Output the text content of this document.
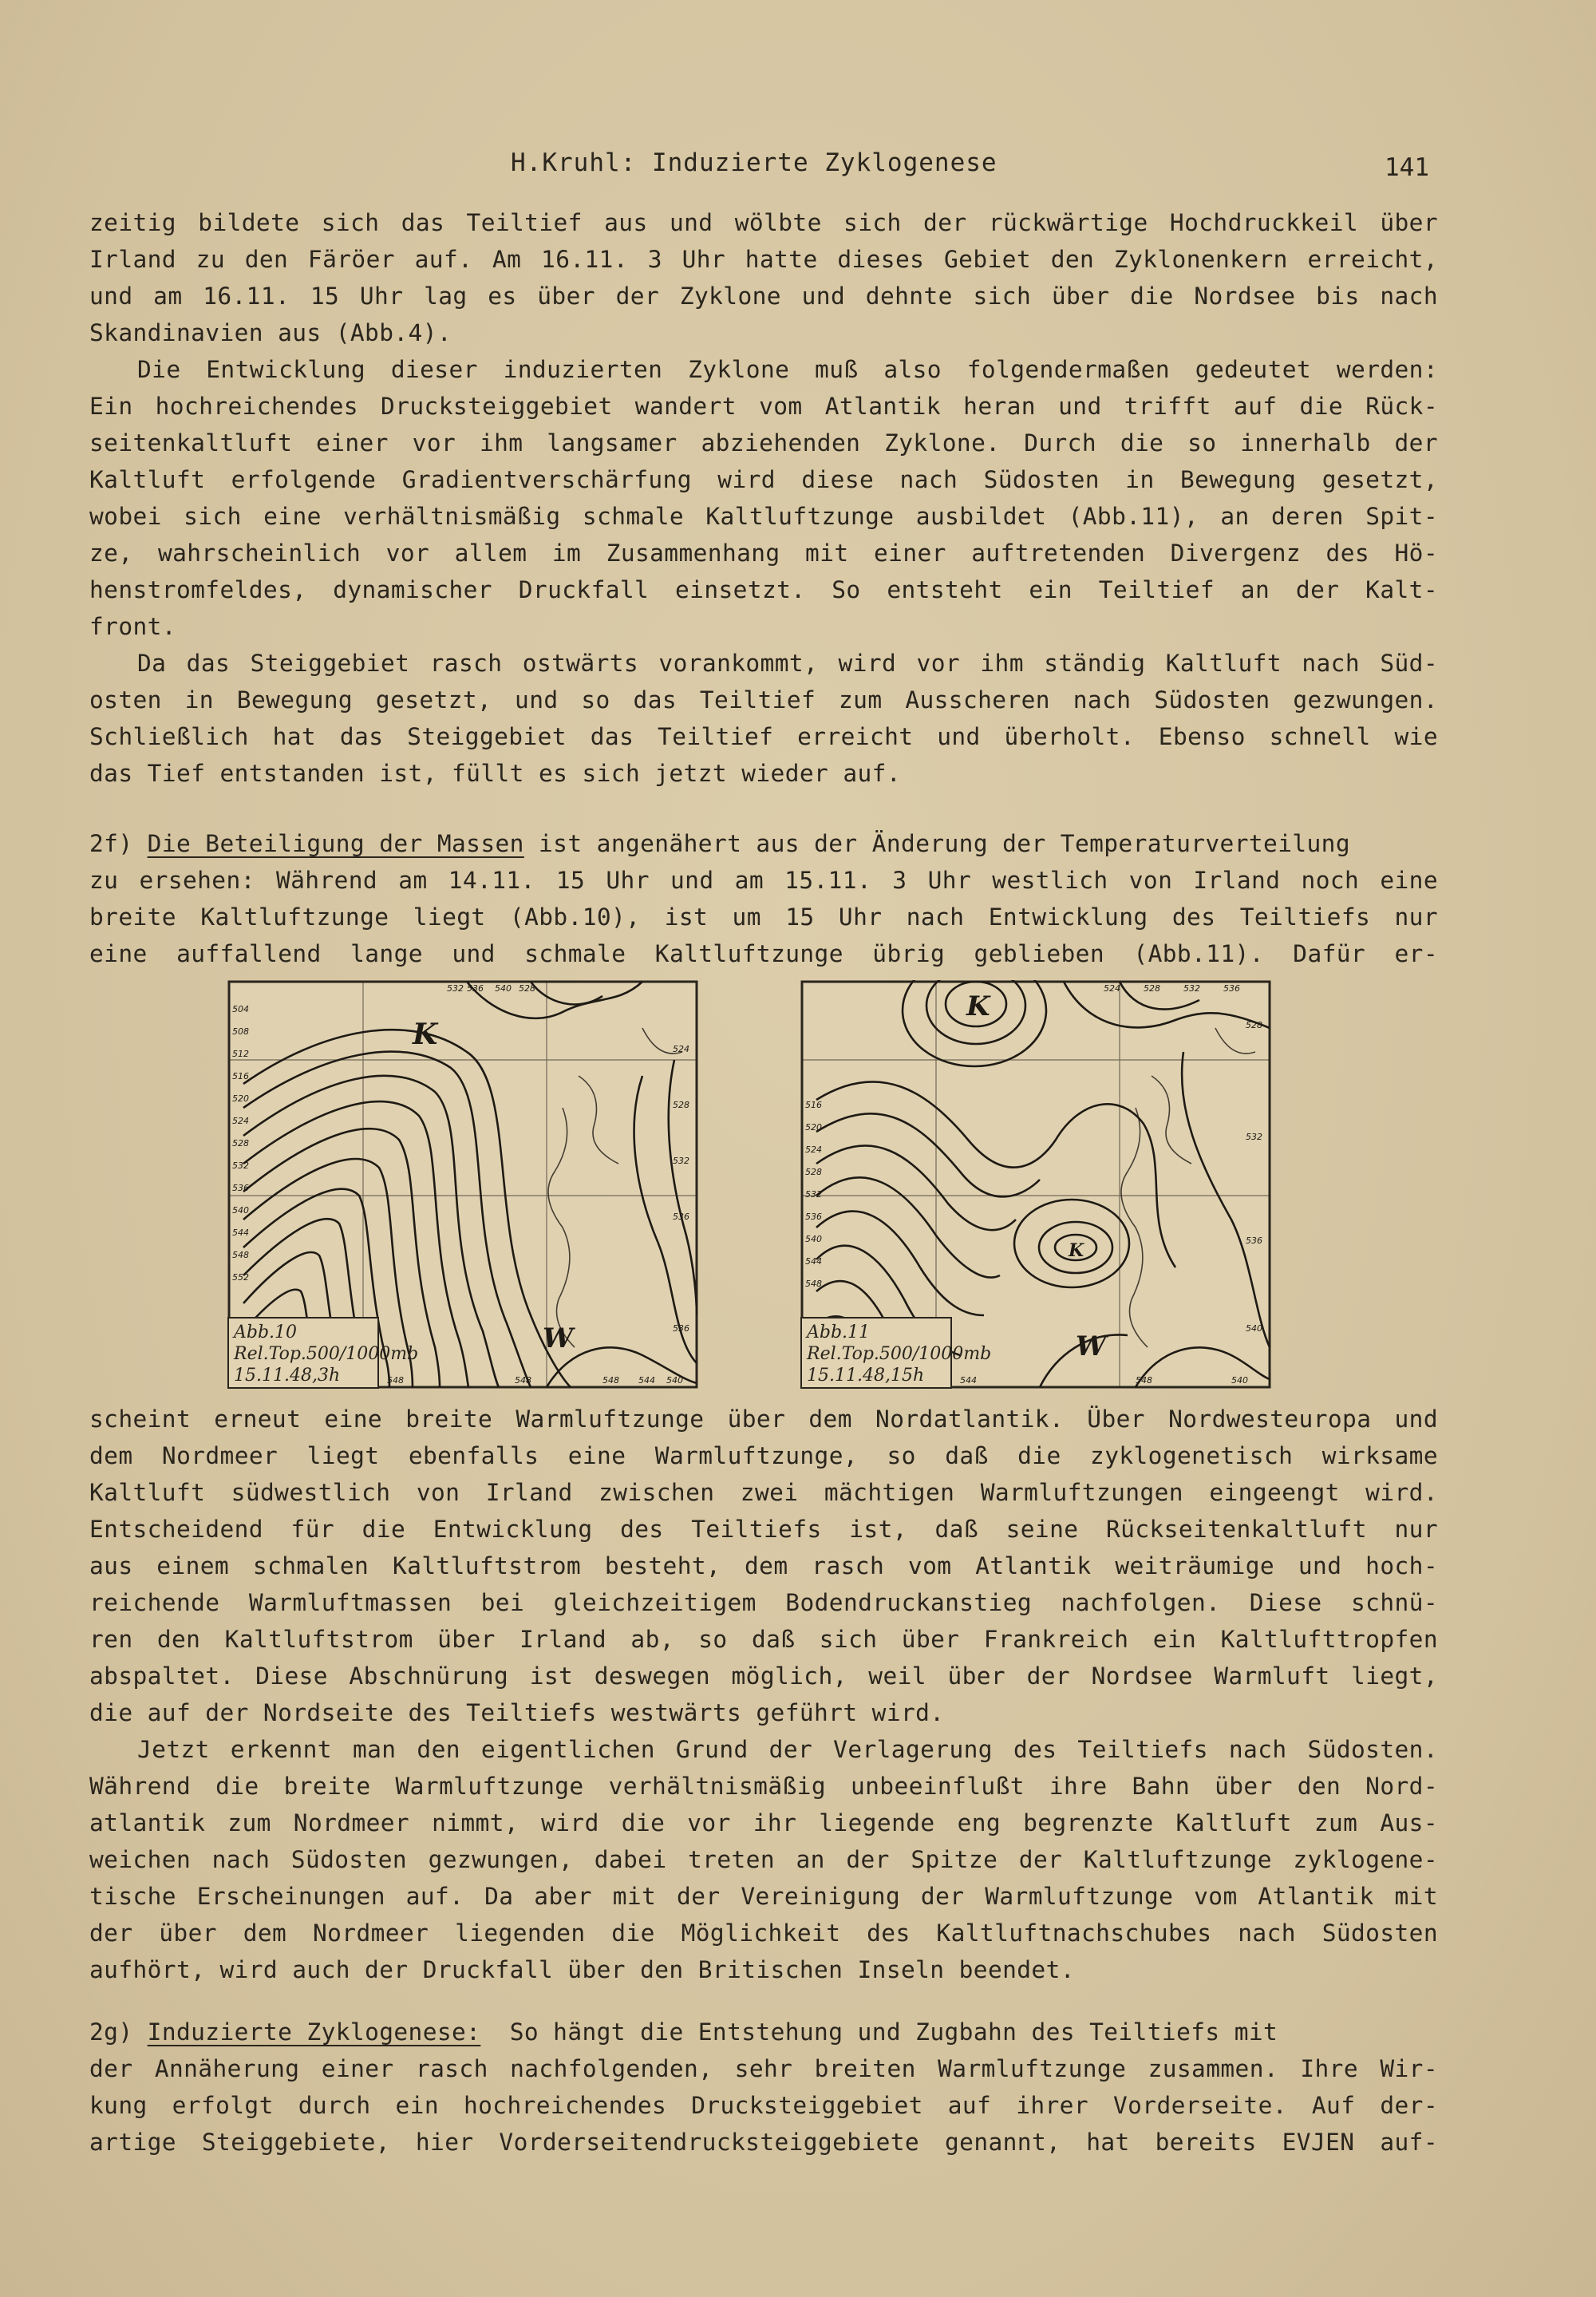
H.Kruhl: Induzierte Zyklogenese	141
zeitig bildete sich das Teiltief aus und wölbte sich der rückwärtige Hochdruckkeil über
Irland zu den Färöer auf. Am 16.11. 3 Uhr hatte dieses Gebiet den Zyklonenkern erreicht,
und am 16.11. 15 Uhr lag es über der Zyklone und dehnte sich über die Nordsee bis nach
Skandinavien aus (Abb.4).
Die Entwicklung dieser induzierten Zyklone muß also folgendermaßen gedeutet werden:
Ein hochreichendes Drucksteiggebiet wandert vom Atlantik heran und trifft auf die Rück-
seitenkaltluft einer vor ihm langsamer abziehenden Zyklone. Durch die so innerhalb der
Kaltluft erfolgende Gradientverschärfung wird diese nach Südosten in Bewegung gesetzt,
wobei sich eine verhältnismäßig schmale Kaltluftzunge ausbildet (Abb.11), an deren Spit-
ze, wahrscheinlich vor allem im Zusammenhang mit einer auftretenden Divergenz des Hö-
henstromfeldes, dynamischer Druckfall einsetzt. So entsteht ein Teiltief an der Kalt-
front.
Da das Steiggebiet rasch ostwärts vorankommt, wird vor ihm ständig Kaltluft nach Süd-
osten in Bewegung gesetzt, und so das Teiltief zum Ausscheren nach Südosten gezwungen.
Schließlich hat das Steiggebiet das Teiltief erreicht und überholt. Ebenso schnell wie
das Tief entstanden ist, füllt es sich jetzt wieder auf.
2f) Die Beteiligung der Massen ist angenähert aus der Änderung der Temperaturverteilung
zu ersehen: Während am 14.11. 15 Uhr und am 15.11. 3 Uhr westlich von Irland noch eine
breite Kaltluftzunge liegt (Abb.10), ist um 15 Uhr nach Entwicklung des Teiltiefs nur
eine auffallend lange und schmale Kaltluftzunge übrig geblieben (Abb.11). Dafür er-
K
W
532 536 540 528
504
508
512
516
520
524
528
532
536
540
544
548
552
524
528
532
536
536
548	548	548 544 540
Abb.10
Rel.Top.500/1000mb
15.11.48,3h
K
K
W
524	528	532	536
516
520
524
528
532
536
540
544
548
528
532
536
540
544	548	540
Abb.11
Rel.Top.500/1000mb
15.11.48,15h
scheint erneut eine breite Warmluftzunge über dem Nordatlantik. Über Nordwesteuropa und
dem Nordmeer liegt ebenfalls eine Warmluftzunge, so daß die zyklogenetisch wirksame
Kaltluft südwestlich von Irland zwischen zwei mächtigen Warmluftzungen eingeengt wird.
Entscheidend für die Entwicklung des Teiltiefs ist, daß seine Rückseitenkaltluft nur
aus einem schmalen Kaltluftstrom besteht, dem rasch vom Atlantik weiträumige und hoch-
reichende Warmluftmassen bei gleichzeitigem Bodendruckanstieg nachfolgen. Diese schnü-
ren den Kaltluftstrom über Irland ab, so daß sich über Frankreich ein Kaltlufttropfen
abspaltet. Diese Abschnürung ist deswegen möglich, weil über der Nordsee Warmluft liegt,
die auf der Nordseite des Teiltiefs westwärts geführt wird.
Jetzt erkennt man den eigentlichen Grund der Verlagerung des Teiltiefs nach Südosten.
Während die breite Warmluftzunge verhältnismäßig unbeeinflußt ihre Bahn über den Nord-
atlantik zum Nordmeer nimmt, wird die vor ihr liegende eng begrenzte Kaltluft zum Aus-
weichen nach Südosten gezwungen, dabei treten an der Spitze der Kaltluftzunge zyklogene-
tische Erscheinungen auf. Da aber mit der Vereinigung der Warmluftzunge vom Atlantik mit
der über dem Nordmeer liegenden die Möglichkeit des Kaltluftnachschubes nach Südosten
aufhört, wird auch der Druckfall über den Britischen Inseln beendet.
2g) Induzierte Zyklogenese: So hängt die Entstehung und Zugbahn des Teiltiefs mit
der Annäherung einer rasch nachfolgenden, sehr breiten Warmluftzunge zusammen. Ihre Wir-
kung erfolgt durch ein hochreichendes Drucksteiggebiet auf ihrer Vorderseite. Auf der-
artige Steiggebiete, hier Vorderseitendrucksteiggebiete genannt, hat bereits EVJEN auf-
